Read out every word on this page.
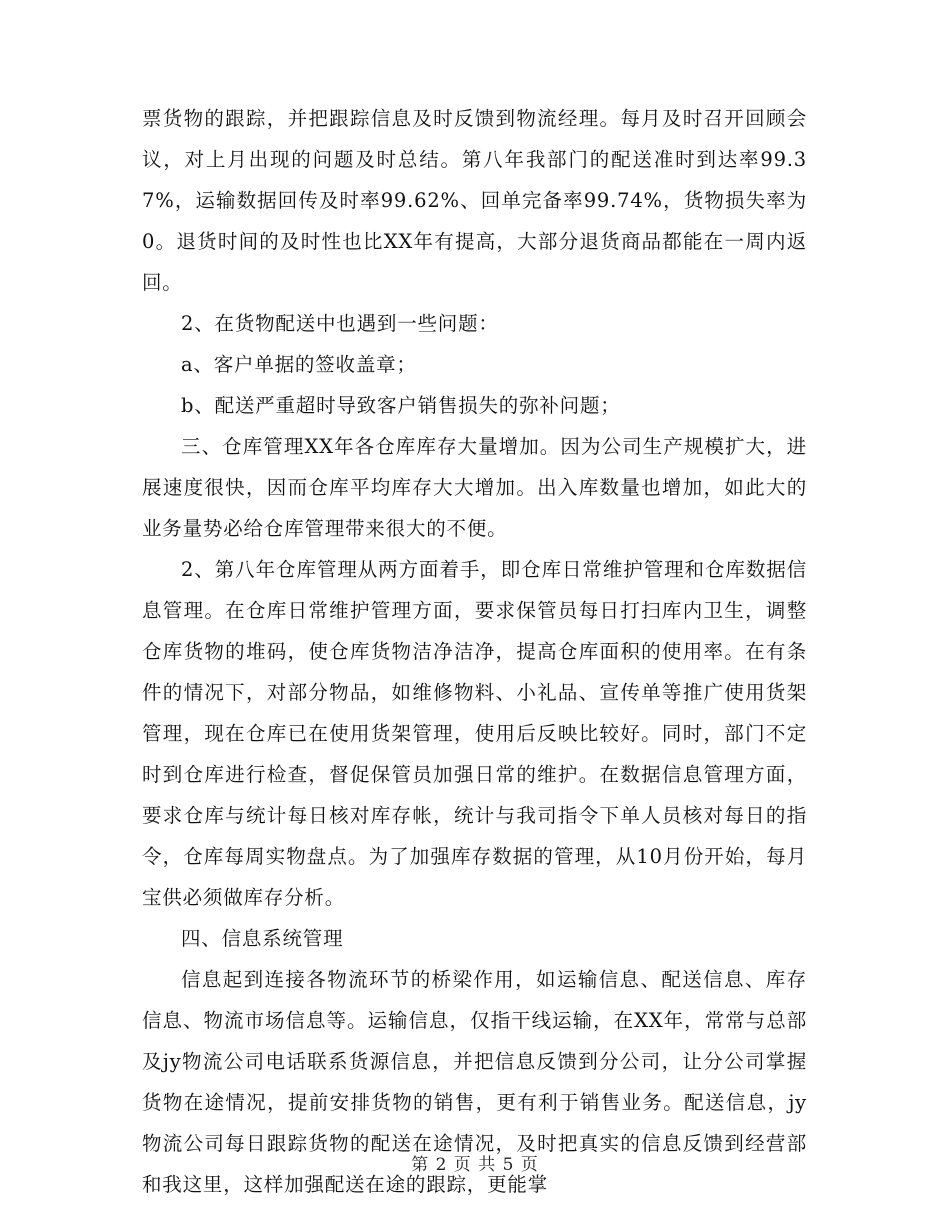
票货物的跟踪，并把跟踪信息及时反馈到物流经理。每月及时召开回顾会议，对上月出现的问题及时总结。第八年我部门的配送准时到达率99.37%，运输数据回传及时率99.62%、回单完备率99.74%，货物损失率为0。退货时间的及时性也比XX年有提高，大部分退货商品都能在一周内返回。

2、在货物配送中也遇到一些问题：

a、客户单据的签收盖章；

b、配送严重超时导致客户销售损失的弥补问题；

三、仓库管理XX年各仓库库存大量增加。因为公司生产规模扩大，进展速度很快，因而仓库平均库存大大增加。出入库数量也增加，如此大的业务量势必给仓库管理带来很大的不便。

2、第八年仓库管理从两方面着手，即仓库日常维护管理和仓库数据信息管理。在仓库日常维护管理方面，要求保管员每日打扫库内卫生，调整仓库货物的堆码，使仓库货物洁净洁净，提高仓库面积的使用率。在有条件的情况下，对部分物品，如维修物料、小礼品、宣传单等推广使用货架管理，现在仓库已在使用货架管理，使用后反映比较好。同时，部门不定时到仓库进行检查，督促保管员加强日常的维护。在数据信息管理方面，要求仓库与统计每日核对库存帐，统计与我司指令下单人员核对每日的指令，仓库每周实物盘点。为了加强库存数据的管理，从10月份开始，每月宝供必须做库存分析。

四、信息系统管理

信息起到连接各物流环节的桥梁作用，如运输信息、配送信息、库存信息、物流市场信息等。运输信息，仅指干线运输，在XX年，常常与总部及jy物流公司电话联系货源信息，并把信息反馈到分公司，让分公司掌握货物在途情况，提前安排货物的销售，更有利于销售业务。配送信息，jy物流公司每日跟踪货物的配送在途情况，及时把真实的信息反馈到经营部和我这里，这样加强配送在途的跟踪，更能掌

第 2 页 共 5 页
